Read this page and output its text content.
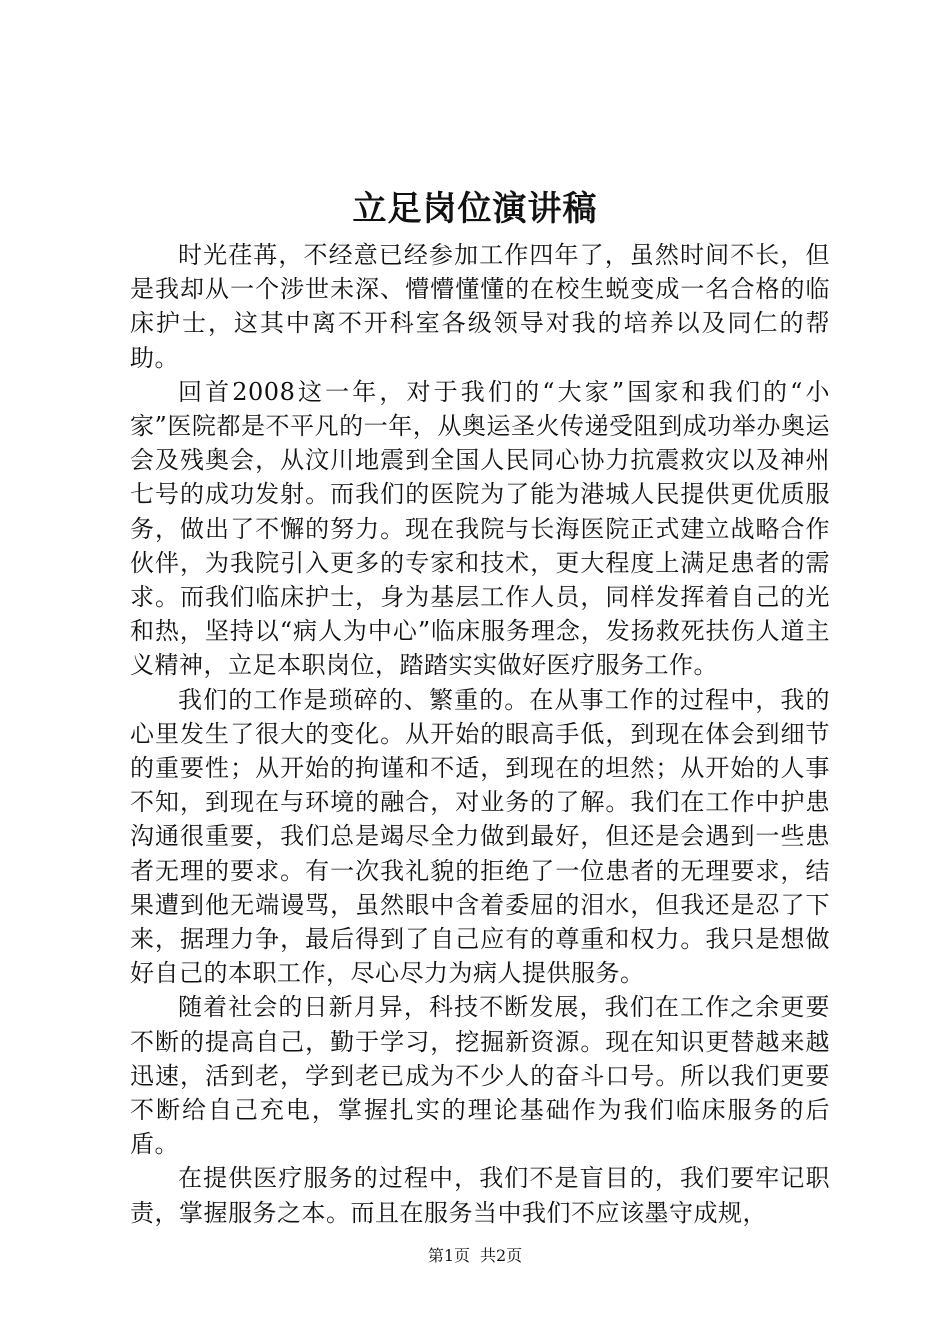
立足岗位演讲稿

时光荏苒，不经意已经参加工作四年了，虽然时间不长，但是我却从一个涉世未深、懵懵懂懂的在校生蜕变成一名合格的临床护士，这其中离不开科室各级领导对我的培养以及同仁的帮助。

回首2008这一年，对于我们的“大家”国家和我们的“小家”医院都是不平凡的一年，从奥运圣火传递受阻到成功举办奥运会及残奥会，从汶川地震到全国人民同心协力抗震救灾以及神州七号的成功发射。而我们的医院为了能为港城人民提供更优质服务，做出了不懈的努力。现在我院与长海医院正式建立战略合作伙伴，为我院引入更多的专家和技术，更大程度上满足患者的需求。而我们临床护士，身为基层工作人员，同样发挥着自己的光和热，坚持以“病人为中心”临床服务理念，发扬救死扶伤人道主义精神，立足本职岗位，踏踏实实做好医疗服务工作。

我们的工作是琐碎的、繁重的。在从事工作的过程中，我的心里发生了很大的变化。从开始的眼高手低，到现在体会到细节的重要性；从开始的拘谨和不适，到现在的坦然；从开始的人事不知，到现在与环境的融合，对业务的了解。我们在工作中护患沟通很重要，我们总是竭尽全力做到最好，但还是会遇到一些患者无理的要求。有一次我礼貌的拒绝了一位患者的无理要求，结果遭到他无端谩骂，虽然眼中含着委屈的泪水，但我还是忍了下来，据理力争，最后得到了自己应有的尊重和权力。我只是想做好自己的本职工作，尽心尽力为病人提供服务。

随着社会的日新月异，科技不断发展，我们在工作之余更要不断的提高自己，勤于学习，挖掘新资源。现在知识更替越来越迅速，活到老，学到老已成为不少人的奋斗口号。所以我们更要不断给自己充电，掌握扎实的理论基础作为我们临床服务的后盾。

在提供医疗服务的过程中，我们不是盲目的，我们要牢记职责，掌握服务之本。而且在服务当中我们不应该墨守成规，

第1页 共2页
